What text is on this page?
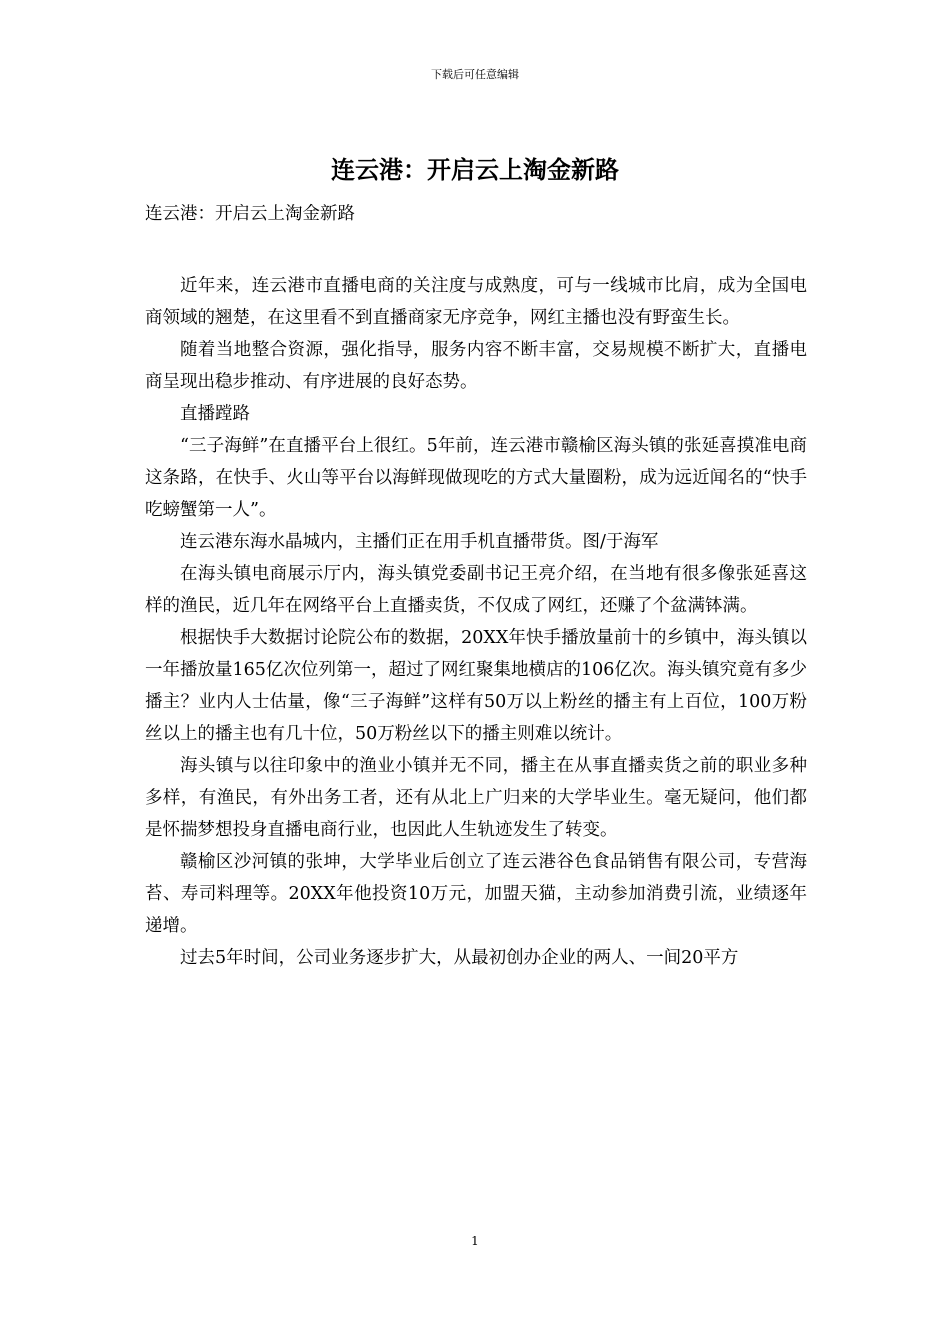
下载后可任意编辑
连云港：开启云上淘金新路

连云港：开启云上淘金新路

近年来，连云港市直播电商的关注度与成熟度，可与一线城市比肩，成为全国电商领域的翘楚，在这里看不到直播商家无序竞争，网红主播也没有野蛮生长。

随着当地整合资源，强化指导，服务内容不断丰富，交易规模不断扩大，直播电商呈现出稳步推动、有序进展的良好态势。

直播蹚路

“三子海鲜”在直播平台上很红。5年前，连云港市赣榆区海头镇的张延喜摸准电商这条路，在快手、火山等平台以海鲜现做现吃的方式大量圈粉，成为远近闻名的“快手吃螃蟹第一人”。

连云港东海水晶城内，主播们正在用手机直播带货。图/于海军

在海头镇电商展示厅内，海头镇党委副书记王亮介绍，在当地有很多像张延喜这样的渔民，近几年在网络平台上直播卖货，不仅成了网红，还赚了个盆满钵满。

根据快手大数据讨论院公布的数据，20XX年快手播放量前十的乡镇中，海头镇以一年播放量165亿次位列第一，超过了网红聚集地横店的106亿次。海头镇究竟有多少播主？业内人士估量，像“三子海鲜”这样有50万以上粉丝的播主有上百位，100万粉丝以上的播主也有几十位，50万粉丝以下的播主则难以统计。

海头镇与以往印象中的渔业小镇并无不同，播主在从事直播卖货之前的职业多种多样，有渔民，有外出务工者，还有从北上广归来的大学毕业生。毫无疑问，他们都是怀揣梦想投身直播电商行业，也因此人生轨迹发生了转变。

赣榆区沙河镇的张坤，大学毕业后创立了连云港谷色食品销售有限公司，专营海苔、寿司料理等。20XX年他投资10万元，加盟天猫，主动参加消费引流，业绩逐年递增。

过去5年时间，公司业务逐步扩大，从最初创办企业的两人、一间20平方

1
